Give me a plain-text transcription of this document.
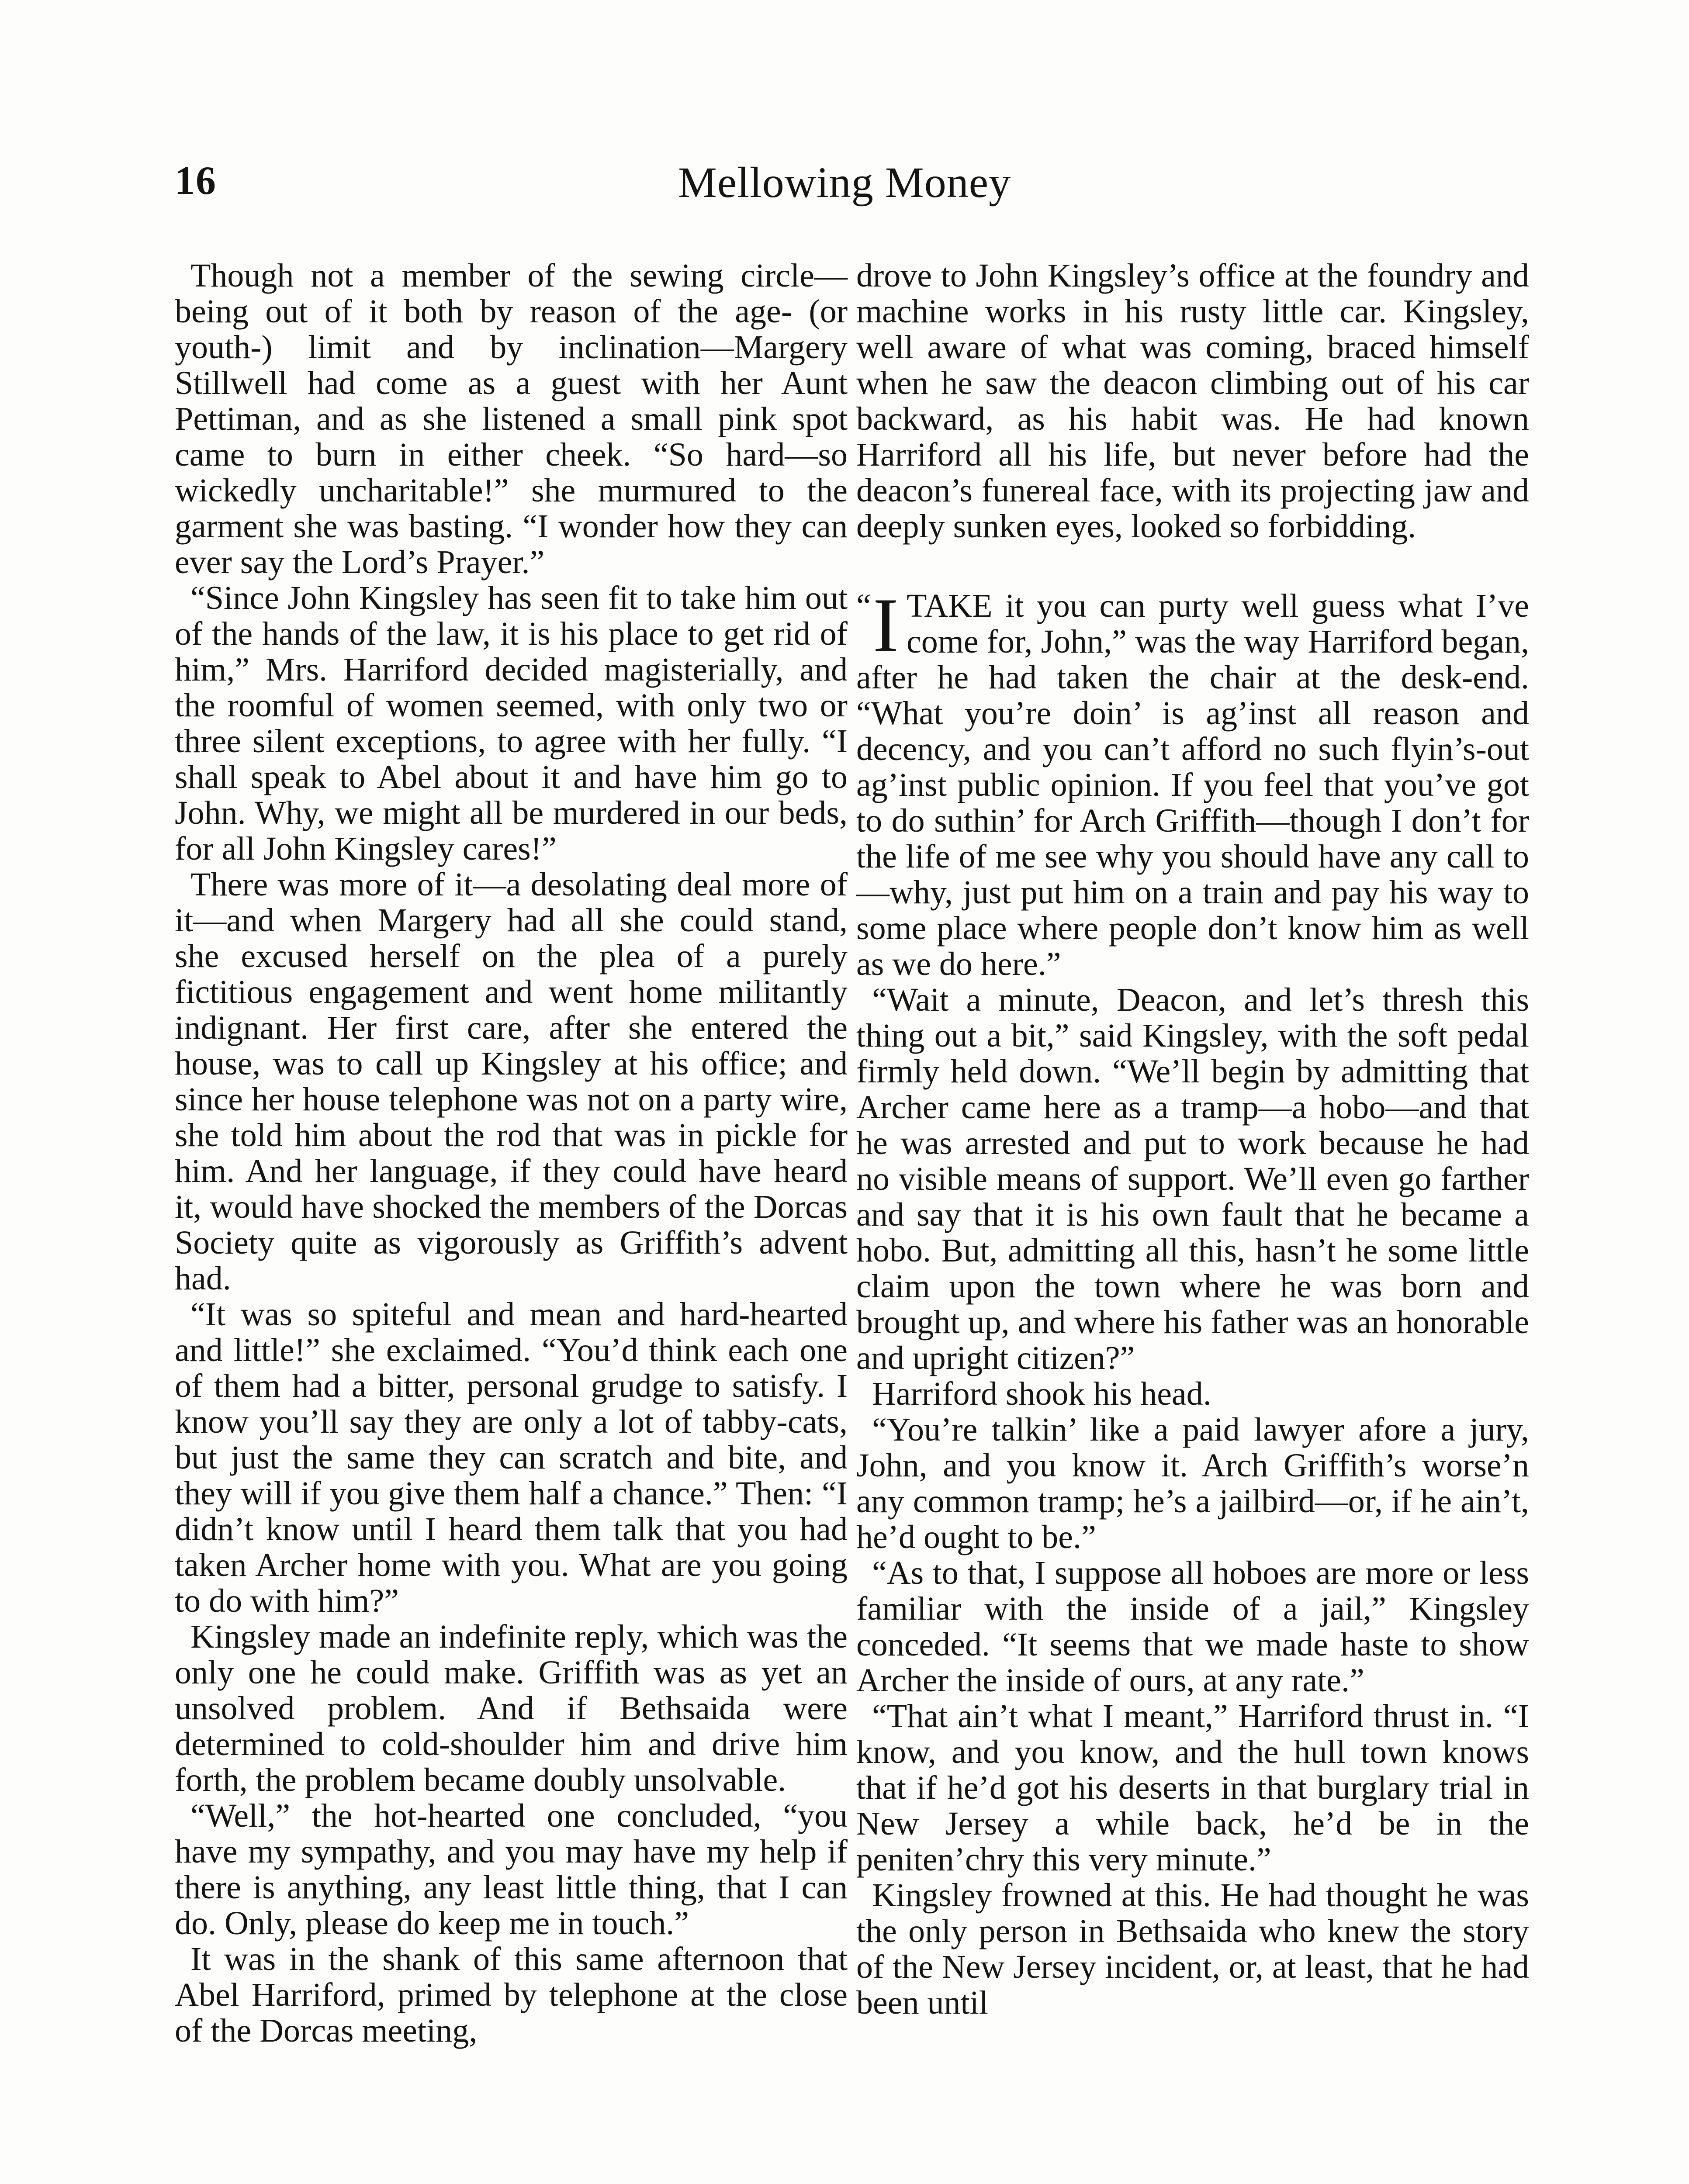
16	Mellowing Money

Though not a member of the sewing circle—being out of it both by reason of the age- (or youth-) limit and by inclination—Margery Stillwell had come as a guest with her Aunt Pettiman, and as she listened a small pink spot came to burn in either cheek. “So hard—so wickedly uncharitable!” she murmured to the garment she was basting. “I wonder how they can ever say the Lord’s Prayer.”

“Since John Kingsley has seen fit to take him out of the hands of the law, it is his place to get rid of him,” Mrs. Harriford decided magisterially, and the roomful of women seemed, with only two or three silent exceptions, to agree with her fully. “I shall speak to Abel about it and have him go to John. Why, we might all be murdered in our beds, for all John Kingsley cares!”

There was more of it—a desolating deal more of it—and when Margery had all she could stand, she excused herself on the plea of a purely fictitious engagement and went home militantly indignant. Her first care, after she entered the house, was to call up Kingsley at his office; and since her house telephone was not on a party wire, she told him about the rod that was in pickle for him. And her language, if they could have heard it, would have shocked the members of the Dorcas Society quite as vigorously as Griffith’s advent had.

“It was so spiteful and mean and hard-hearted and little!” she exclaimed. “You’d think each one of them had a bitter, personal grudge to satisfy. I know you’ll say they are only a lot of tabby-cats, but just the same they can scratch and bite, and they will if you give them half a chance.” Then: “I didn’t know until I heard them talk that you had taken Archer home with you. What are you going to do with him?”

Kingsley made an indefinite reply, which was the only one he could make. Griffith was as yet an unsolved problem. And if Bethsaida were determined to cold-shoulder him and drive him forth, the problem became doubly unsolvable.

“Well,” the hot-hearted one concluded, “you have my sympathy, and you may have my help if there is anything, any least little thing, that I can do. Only, please do keep me in touch.”

It was in the shank of this same afternoon that Abel Harriford, primed by telephone at the close of the Dorcas meeting,

drove to John Kingsley’s office at the foundry and machine works in his rusty little car. Kingsley, well aware of what was coming, braced himself when he saw the deacon climbing out of his car backward, as his habit was. He had known Harriford all his life, but never before had the deacon’s funereal face, with its projecting jaw and deeply sunken eyes, looked so forbidding.

“ I TAKE it you can purty well guess what I’ve come for, John,” was the way Harriford began, after he had taken the chair at the desk-end. “What you’re doin’ is ag’inst all reason and decency, and you can’t afford no such flyin’s-out ag’inst public opinion. If you feel that you’ve got to do suthin’ for Arch Griffith—though I don’t for the life of me see why you should have any call to—why, just put him on a train and pay his way to some place where people don’t know him as well as we do here.”

“Wait a minute, Deacon, and let’s thresh this thing out a bit,” said Kingsley, with the soft pedal firmly held down. “We’ll begin by admitting that Archer came here as a tramp—a hobo—and that he was arrested and put to work because he had no visible means of support. We’ll even go farther and say that it is his own fault that he became a hobo. But, admitting all this, hasn’t he some little claim upon the town where he was born and brought up, and where his father was an honorable and upright citizen?”

Harriford shook his head.

“You’re talkin’ like a paid lawyer afore a jury, John, and you know it. Arch Griffith’s worse’n any common tramp; he’s a jailbird—or, if he ain’t, he’d ought to be.”

“As to that, I suppose all hoboes are more or less familiar with the inside of a jail,” Kingsley conceded. “It seems that we made haste to show Archer the inside of ours, at any rate.”

“That ain’t what I meant,” Harriford thrust in. “I know, and you know, and the hull town knows that if he’d got his deserts in that burglary trial in New Jersey a while back, he’d be in the peniten’chry this very minute.”

Kingsley frowned at this. He had thought he was the only person in Bethsaida who knew the story of the New Jersey incident, or, at least, that he had been until
